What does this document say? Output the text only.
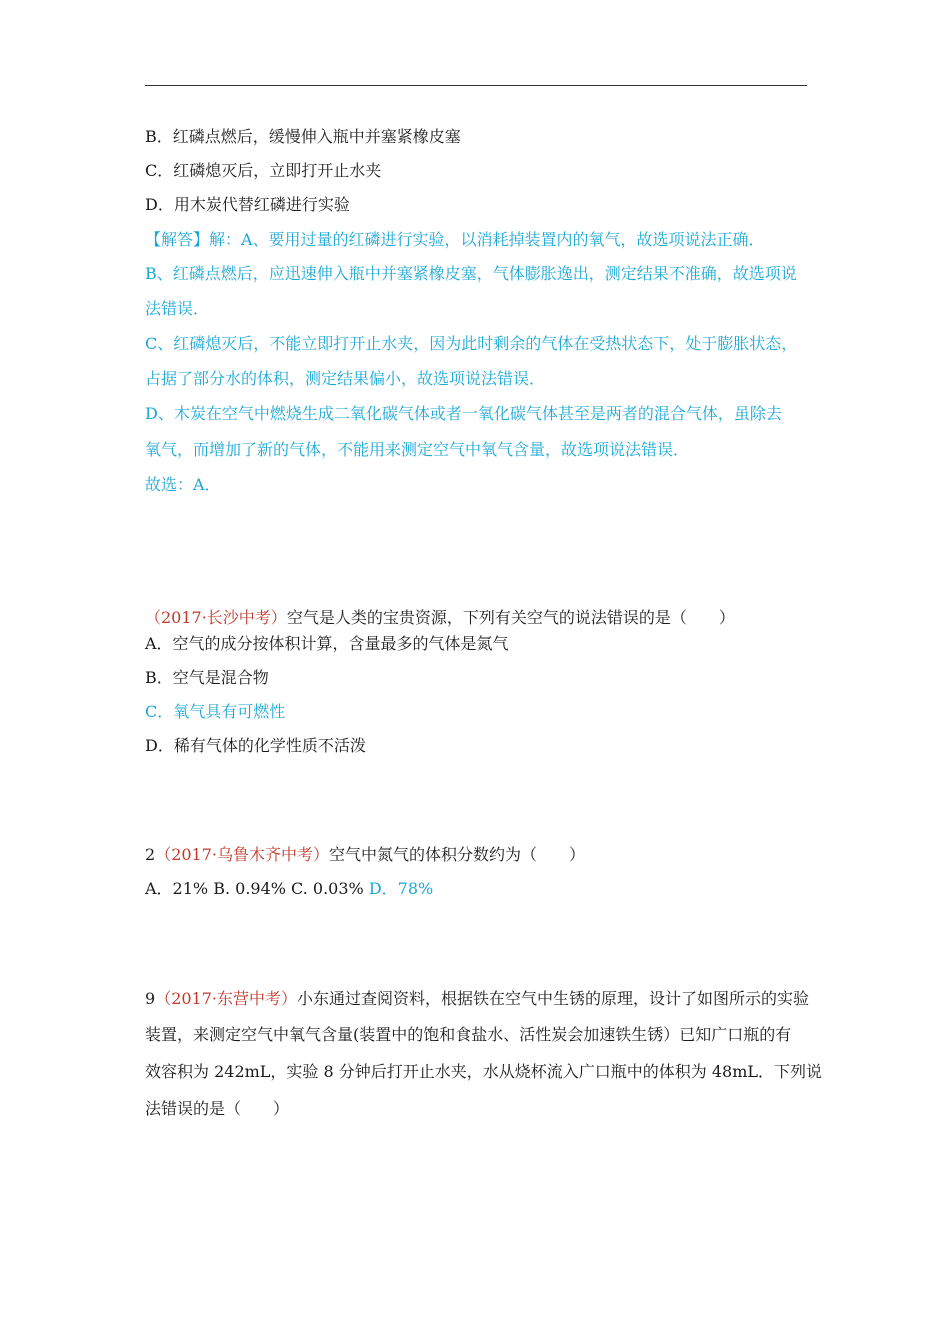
B．红磷点燃后，缓慢伸入瓶中并塞紧橡皮塞
C．红磷熄灭后，立即打开止水夹
D．用木炭代替红磷进行实验
【解答】解：A、要用过量的红磷进行实验，以消耗掉装置内的氧气，故选项说法正确．
B、红磷点燃后，应迅速伸入瓶中并塞紧橡皮塞，气体膨胀逸出，测定结果不准确，故选项说
法错误．
C、红磷熄灭后，不能立即打开止水夹，因为此时剩余的气体在受热状态下，处于膨胀状态，
占据了部分水的体积，测定结果偏小，故选项说法错误．
D、木炭在空气中燃烧生成二氧化碳气体或者一氧化碳气体甚至是两者的混合气体，虽除去
氧气，而增加了新的气体，不能用来测定空气中氧气含量，故选项说法错误．
故选：A．
（2017·长沙中考）空气是人类的宝贵资源，下列有关空气的说法错误的是（　　）
A．空气的成分按体积计算，含量最多的气体是氮气
B．空气是混合物
C．氧气具有可燃性
D．稀有气体的化学性质不活泼
2（2017·乌鲁木齐中考）空气中氮气的体积分数约为（　　）
A．21% B. 0.94% C. 0.03% D．78%
9（2017·东营中考）小东通过查阅资料，根据铁在空气中生锈的原理，设计了如图所示的实验
装置，来测定空气中氧气含量(装置中的饱和食盐水、活性炭会加速铁生锈）已知广口瓶的有
效容积为 242mL，实验 8 分钟后打开止水夹，水从烧杯流入广口瓶中的体积为 48mL．下列说
法错误的是（　　）
